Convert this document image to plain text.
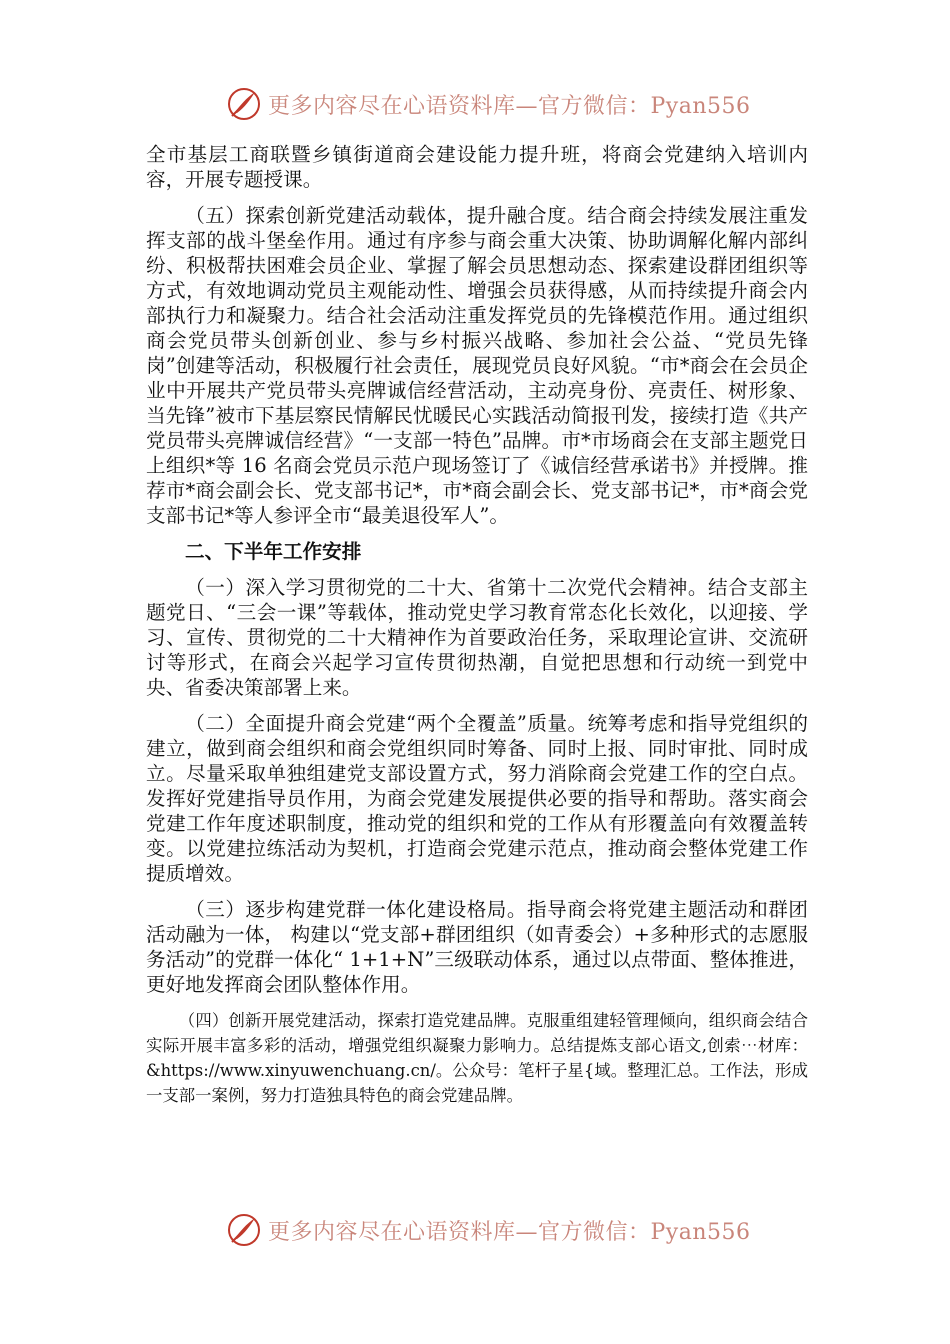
更多内容尽在心语资料库—官方微信：Pyan556

全市基层工商联暨乡镇街道商会建设能力提升班，将商会党建纳入培训内容，开展专题授课。

（五）探索创新党建活动载体，提升融合度。结合商会持续发展注重发挥支部的战斗堡垒作用。通过有序参与商会重大决策、协助调解化解内部纠纷、积极帮扶困难会员企业、掌握了解会员思想动态、探索建设群团组织等方式，有效地调动党员主观能动性、增强会员获得感，从而持续提升商会内部执行力和凝聚力。结合社会活动注重发挥党员的先锋模范作用。通过组织商会党员带头创新创业、参与乡村振兴战略、参加社会公益、“党员先锋岗”创建等活动，积极履行社会责任，展现党员良好风貌。“市*商会在会员企业中开展共产党员带头亮牌诚信经营活动，主动亮身份、亮责任、树形象、当先锋”被市下基层察民情解民忧暖民心实践活动简报刊发，接续打造《共产党员带头亮牌诚信经营》“一支部一特色”品牌。市*市场商会在支部主题党日上组织*等 16 名商会党员示范户现场签订了《诚信经营承诺书》并授牌。推荐市*商会副会长、党支部书记*，市*商会副会长、党支部书记*，市*商会党支部书记*等人参评全市“最美退役军人”。

二、下半年工作安排

（一）深入学习贯彻党的二十大、省第十二次党代会精神。结合支部主题党日、“三会一课”等载体，推动党史学习教育常态化长效化，以迎接、学习、宣传、贯彻党的二十大精神作为首要政治任务，采取理论宣讲、交流研讨等形式，在商会兴起学习宣传贯彻热潮，自觉把思想和行动统一到党中央、省委决策部署上来。

（二）全面提升商会党建“两个全覆盖”质量。统筹考虑和指导党组织的建立，做到商会组织和商会党组织同时筹备、同时上报、同时审批、同时成立。尽量采取单独组建党支部设置方式，努力消除商会党建工作的空白点。发挥好党建指导员作用，为商会党建发展提供必要的指导和帮助。落实商会党建工作年度述职制度，推动党的组织和党的工作从有形覆盖向有效覆盖转变。以党建拉练活动为契机，打造商会党建示范点，推动商会整体党建工作提质增效。

（三）逐步构建党群一体化建设格局。指导商会将党建主题活动和群团活动融为一体， 构建以“党支部+群团组织（如青委会）+多种形式的志愿服务活动”的党群一体化“ 1+1+N”三级联动体系，通过以点带面、整体推进，更好地发挥商会团队整体作用。

（四）创新开展党建活动，探索打造党建品牌。克服重组建轻管理倾向，组织商会结合实际开展丰富多彩的活动，增强党组织凝聚力影响力。总结提炼支部心语文,创索⋯材库：&https://www.xinyuwenchuang.cn/。公众号：笔杆子星{域。整理汇总。工作法，形成一支部一案例，努力打造独具特色的商会党建品牌。

更多内容尽在心语资料库—官方微信：Pyan556
